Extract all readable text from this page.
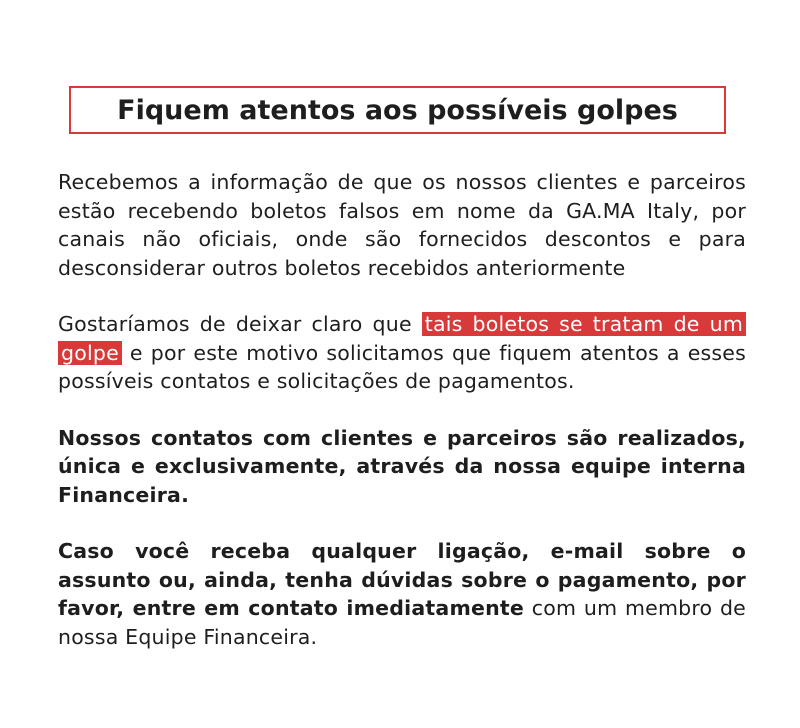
Fiquem atentos aos possíveis golpes

Recebemos a informação de que os nossos clientes e parceiros estão recebendo boletos falsos em nome da GA.MA Italy, por canais não oficiais, onde são fornecidos descontos e para desconsiderar outros boletos recebidos anteriormente

Gostaríamos de deixar claro que tais boletos se tratam de um golpe e por este motivo solicitamos que fiquem atentos a esses possíveis contatos e solicitações de pagamentos.

Nossos contatos com clientes e parceiros são realizados, única e exclusivamente, através da nossa equipe interna Financeira.

Caso você receba qualquer ligação, e-mail sobre o assunto ou, ainda, tenha dúvidas sobre o pagamento, por favor, entre em contato imediatamente com um membro de nossa Equipe Financeira.
